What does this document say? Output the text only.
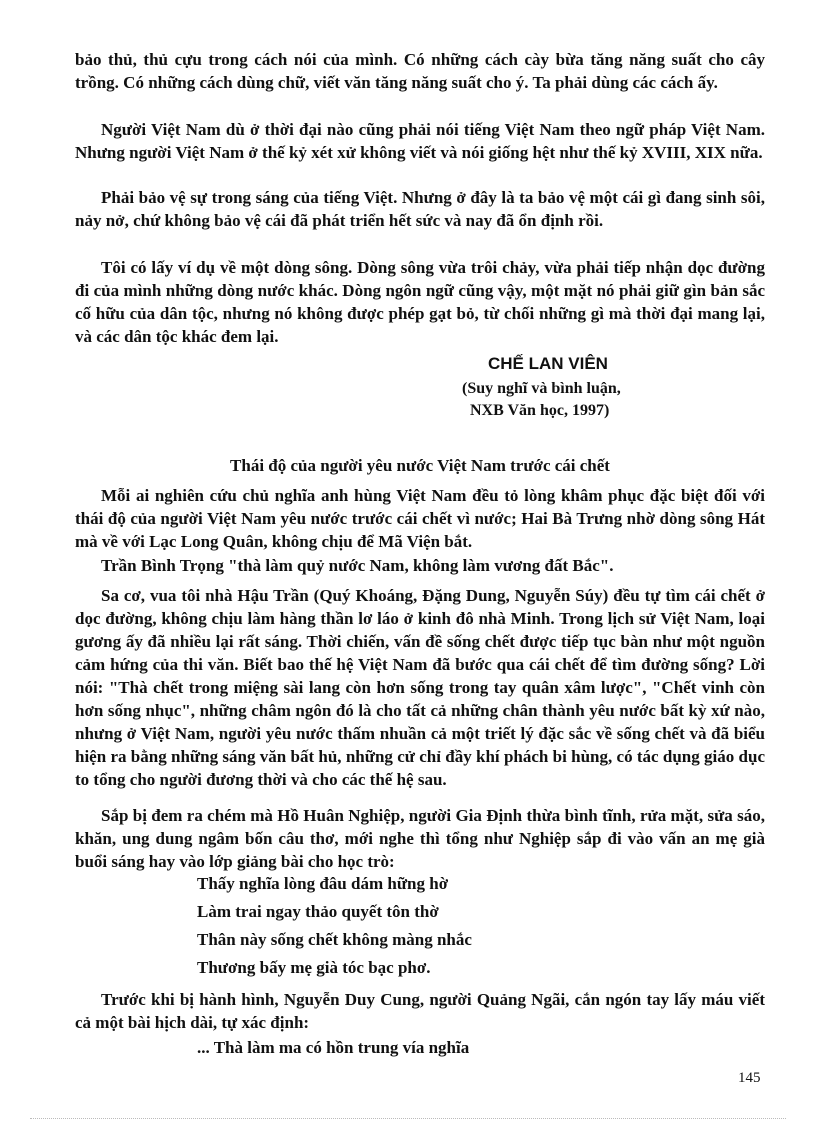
bảo thủ, thủ cựu trong cách nói của mình. Có những cách cày bừa tăng năng suất cho cây trồng. Có những cách dùng chữ, viết văn tăng năng suất cho ý. Ta phải dùng các cách ấy.

Người Việt Nam dù ở thời đại nào cũng phải nói tiếng Việt Nam theo ngữ pháp Việt Nam. Nhưng người Việt Nam ở thế kỷ xét xử không viết và nói giống hệt như thế kỷ XVIII, XIX nữa.

Phải bảo vệ sự trong sáng của tiếng Việt. Nhưng ở đây là ta bảo vệ một cái gì đang sinh sôi, nảy nở, chứ không bảo vệ cái đã phát triển hết sức và nay đã ổn định rồi.

Tôi có lấy ví dụ về một dòng sông. Dòng sông vừa trôi chảy, vừa phải tiếp nhận dọc đường đi của mình những dòng nước khác. Dòng ngôn ngữ cũng vậy, một mặt nó phải giữ gìn bản sắc cố hữu của dân tộc, nhưng nó không được phép gạt bỏ, từ chối những gì mà thời đại mang lại, và các dân tộc khác đem lại.

CHẾ LAN VIÊN
(Suy nghĩ và bình luận,
NXB Văn học, 1997)
Thái độ của người yêu nước Việt Nam trước cái chết

Mỗi ai nghiên cứu chủ nghĩa anh hùng Việt Nam đều tỏ lòng khâm phục đặc biệt đối với thái độ của người Việt Nam yêu nước trước cái chết vì nước; Hai Bà Trưng nhờ dòng sông Hát mà về với Lạc Long Quân, không chịu để Mã Viện bắt.

Trần Bình Trọng "thà làm quỷ nước Nam, không làm vương đất Bắc".

Sa cơ, vua tôi nhà Hậu Trần (Quý Khoáng, Đặng Dung, Nguyễn Súy) đều tự tìm cái chết ở dọc đường, không chịu làm hàng thần lơ láo ở kinh đô nhà Minh. Trong lịch sử Việt Nam, loại gương ấy đã nhiều lại rất sáng. Thời chiến, vấn đề sống chết được tiếp tục bàn như một nguồn cảm hứng của thi văn. Biết bao thế hệ Việt Nam đã bước qua cái chết để tìm đường sống? Lời nói: "Thà chết trong miệng sài lang còn hơn sống trong tay quân xâm lược", "Chết vinh còn hơn sống nhục", những châm ngôn đó là cho tất cả những chân thành yêu nước bất kỳ xứ nào, nhưng ở Việt Nam, người yêu nước thấm nhuần cả một triết lý đặc sắc về sống chết và đã biểu hiện ra bằng những sáng văn bất hủ, những cử chỉ đầy khí phách bi hùng, có tác dụng giáo dục to tổng cho người đương thời và cho các thế hệ sau.

Sắp bị đem ra chém mà Hồ Huân Nghiệp, người Gia Định thừa bình tĩnh, rửa mặt, sửa sáo, khăn, ung dung ngâm bốn câu thơ, mới nghe thì tổng như Nghiệp sắp đi vào vấn an mẹ già buổi sáng hay vào lớp giảng bài cho học trò:

Thấy nghĩa lòng đâu dám hững hờ
Làm trai ngay thảo quyết tôn thờ
Thân này sống chết không màng nhắc
Thương bấy mẹ già tóc bạc phơ.

Trước khi bị hành hình, Nguyễn Duy Cung, người Quảng Ngãi, cắn ngón tay lấy máu viết cả một bài hịch dài, tự xác định:

... Thà làm ma có hồn trung vía nghĩa
145
